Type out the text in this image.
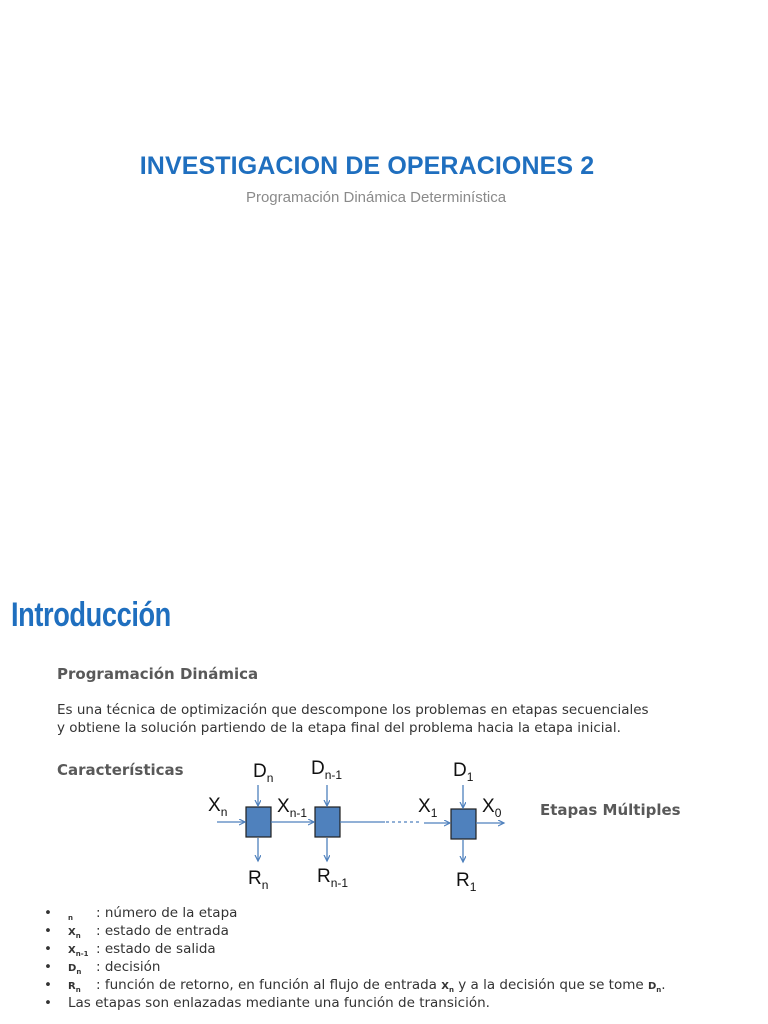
INVESTIGACION DE OPERACIONES 2
Programación Dinámica Determinística
Introducción
Programación Dinámica
Es una técnica de optimización que descompone los problemas en etapas secuenciales
y obtiene la solución partiendo de la etapa final del problema hacia la etapa inicial.
Características
Etapas Múltiples
$D_n$ $D_{n-1}$	$D_1$
$X_n$	$X_{n-1}$	$X_1$ $X_0$
$R_n$	$R_{n-1}$	$R_1$
• $_n$ : número de la etapa
• $X_n$ : estado de entrada
• $X_{n-1}$ : estado de salida
• $D_n$ : decisión
• $R_n$ : función de retorno, en función al flujo de entrada $X_n$ y a la decisión que se tome $D_n$.
• Las etapas son enlazadas mediante una función de transición.
